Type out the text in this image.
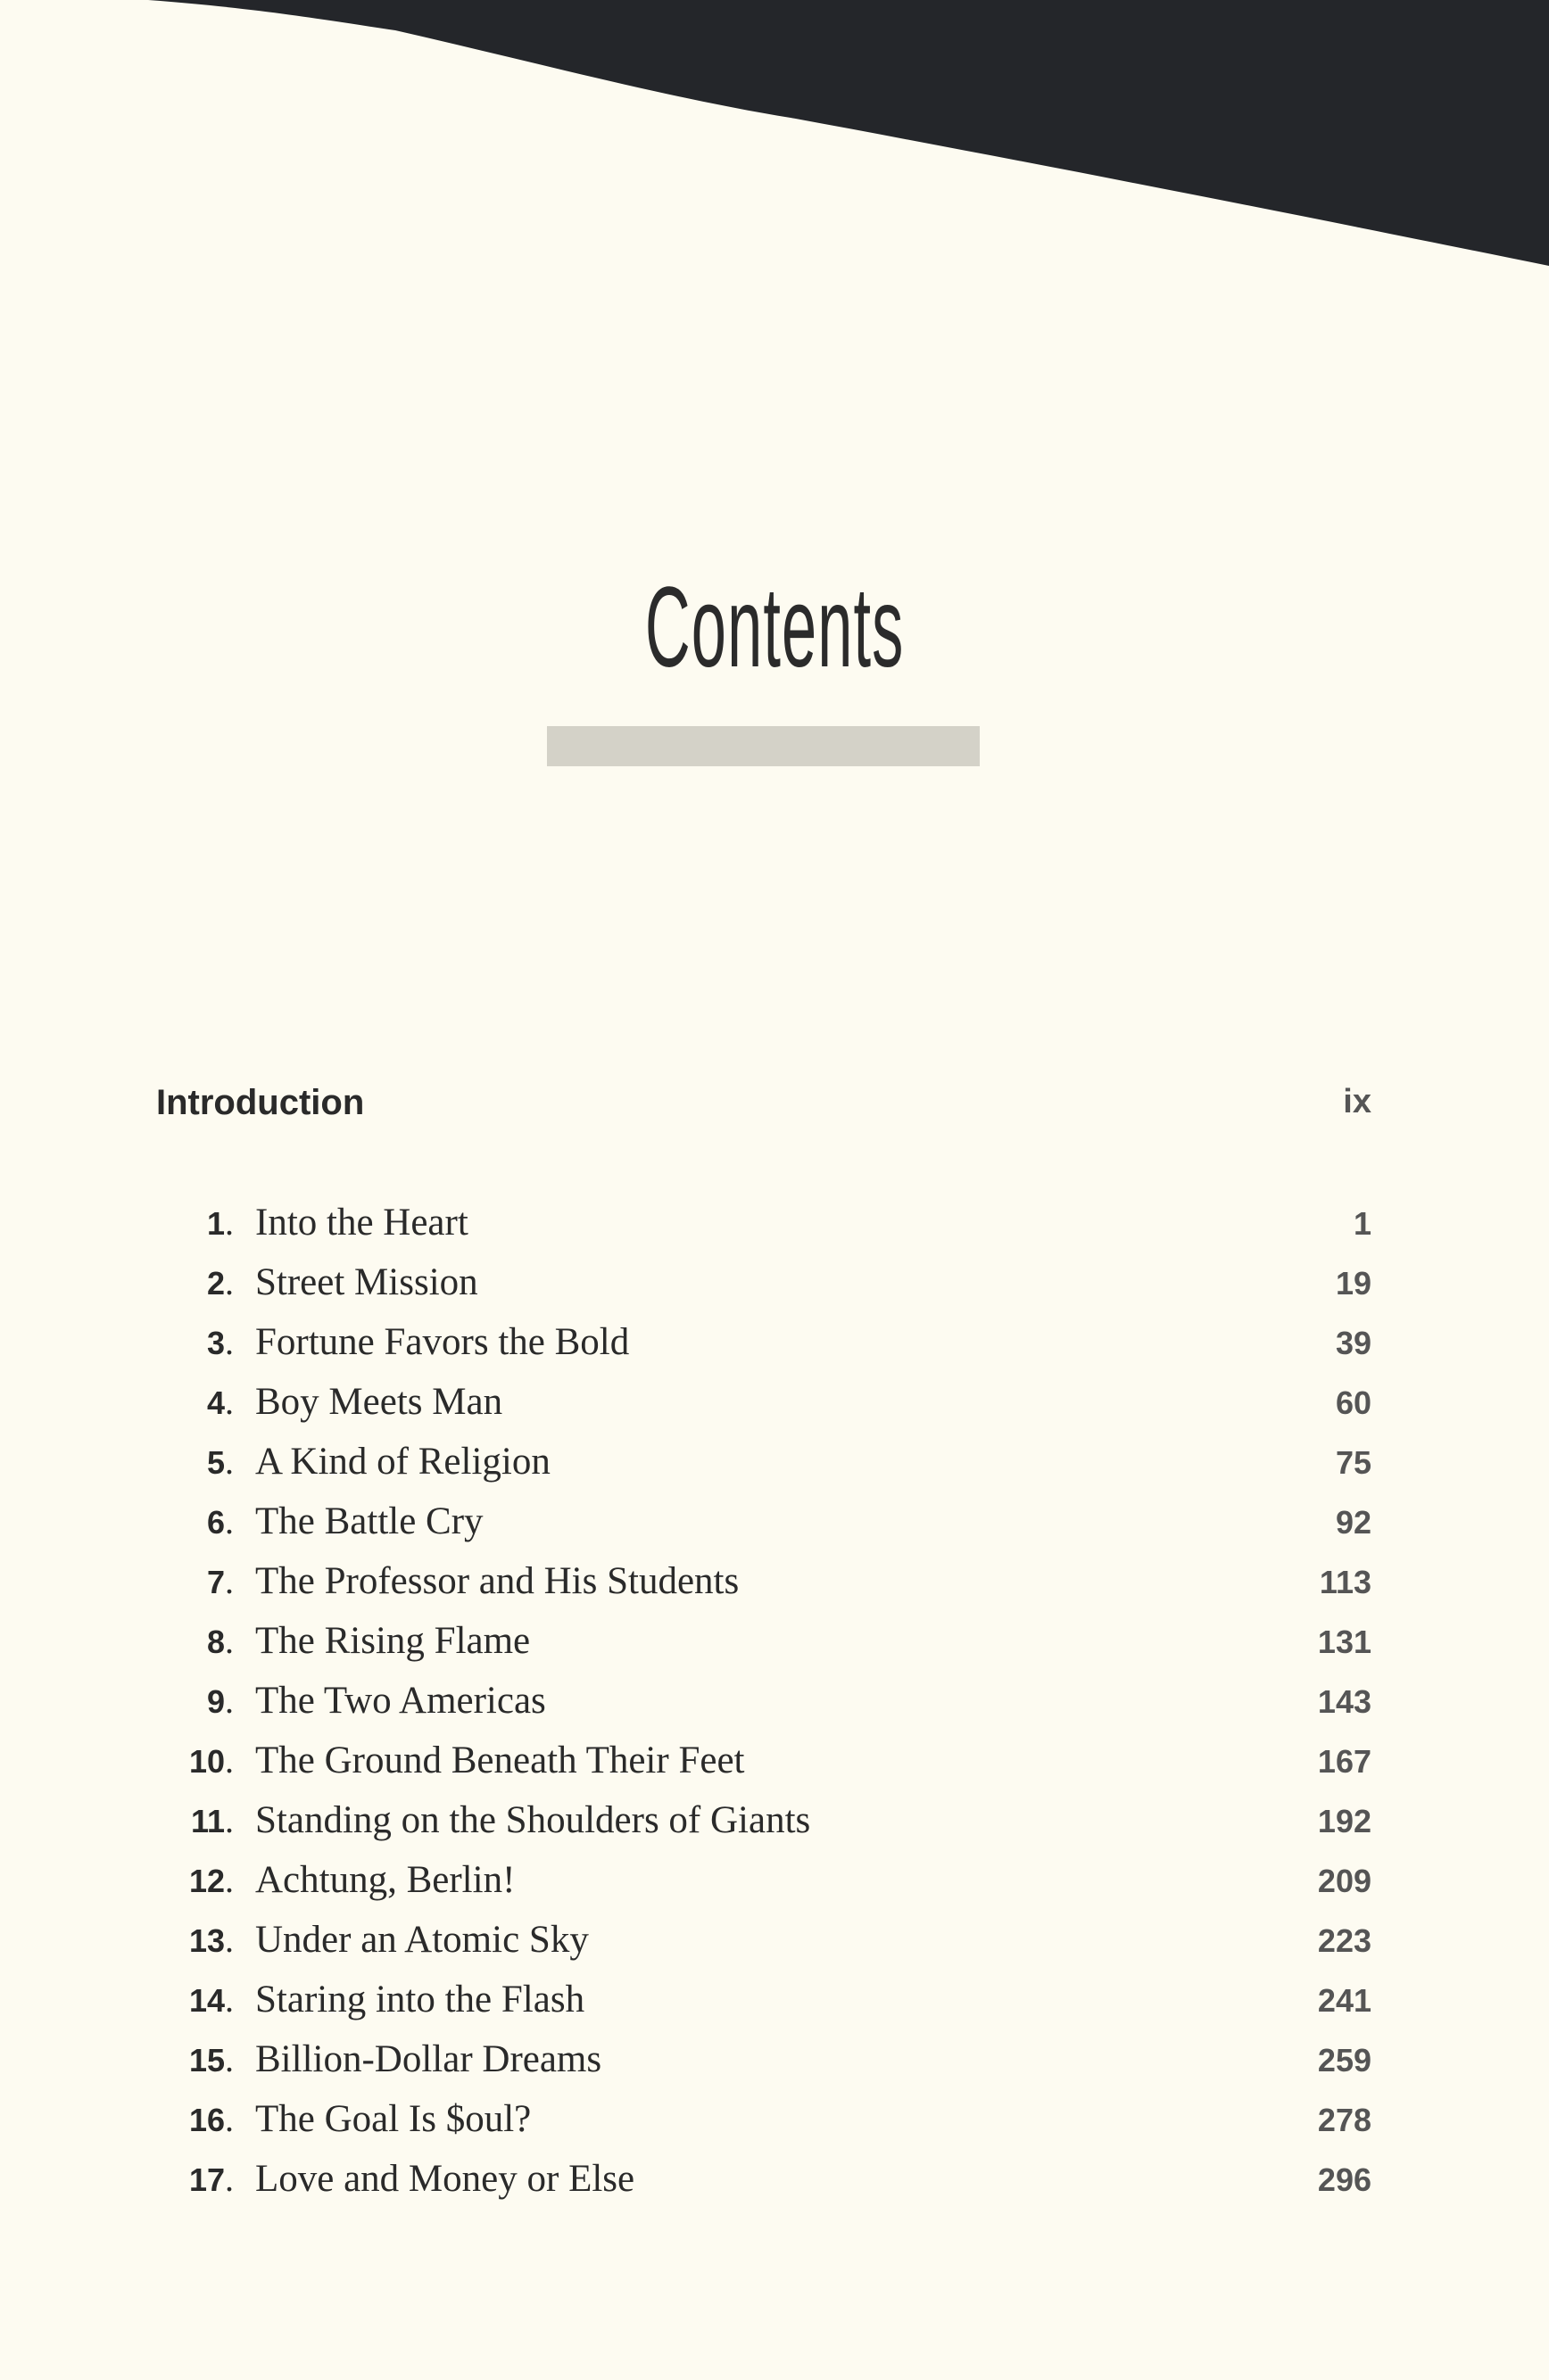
Contents
Introduction	ix
1 . Into the Heart	1
2 . Street Mission	19
3 . Fortune Favors the Bold	39
4 . Boy Meets Man	60
5 . A Kind of Religion	75
6 . The Battle Cry	92
7 . The Professor and His Students	113
8 . The Rising Flame	131
9 . The Two Americas	143
10 . The Ground Beneath Their Feet	167
11 . Standing on the Shoulders of Giants	192
12 . Achtung, Berlin!	209
13 . Under an Atomic Sky	223
14 . Staring into the Flash	241
15 . Billion-Dollar Dreams	259
16 . The Goal Is $oul?	278
17 . Love and Money or Else	296
